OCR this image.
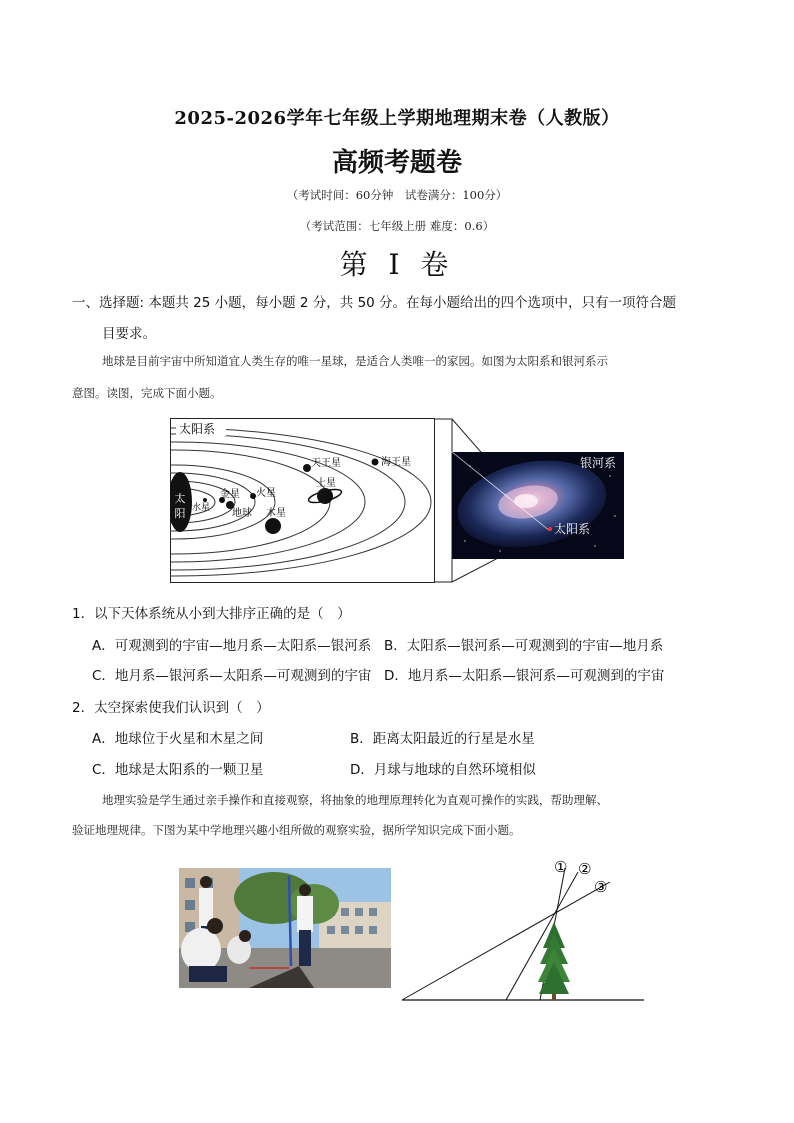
2025-2026学年七年级上学期地理期末卷（人教版）
高频考题卷
（考试时间：60分钟　试卷满分：100分）
（考试范围：七年级上册 难度：0.6）
第 I 卷
一、选择题: 本题共 25 小题，每小题 2 分，共 50 分。在每小题给出的四个选项中，只有一项符合题
目要求。
地球是目前宇宙中所知道宜人类生存的唯一星球，是适合人类唯一的家园。如图为太阳系和银河系示
意图。读图，完成下面小题。
太
阳 水星
金星
地球
火星
木星
土星
天王星	海王星
太阳系
银河系
太阳系
1．以下天体系统从小到大排序正确的是（　）
A．可观测到的宇宙—地月系—太阳系—银河系 B．太阳系—银河系—可观测到的宇宙—地月系
C．地月系—银河系—太阳系—可观测到的宇宙 D．地月系—太阳系—银河系—可观测到的宇宙
2．太空探索使我们认识到（　）
A．地球位于火星和木星之间	B．距离太阳最近的行星是水星
C．地球是太阳系的一颗卫星	D．月球与地球的自然环境相似
地理实验是学生通过亲手操作和直接观察，将抽象的地理原理转化为直观可操作的实践，帮助理解、
验证地理规律。下图为某中学地理兴趣小组所做的观察实验，据所学知识完成下面小题。
① ②
③
